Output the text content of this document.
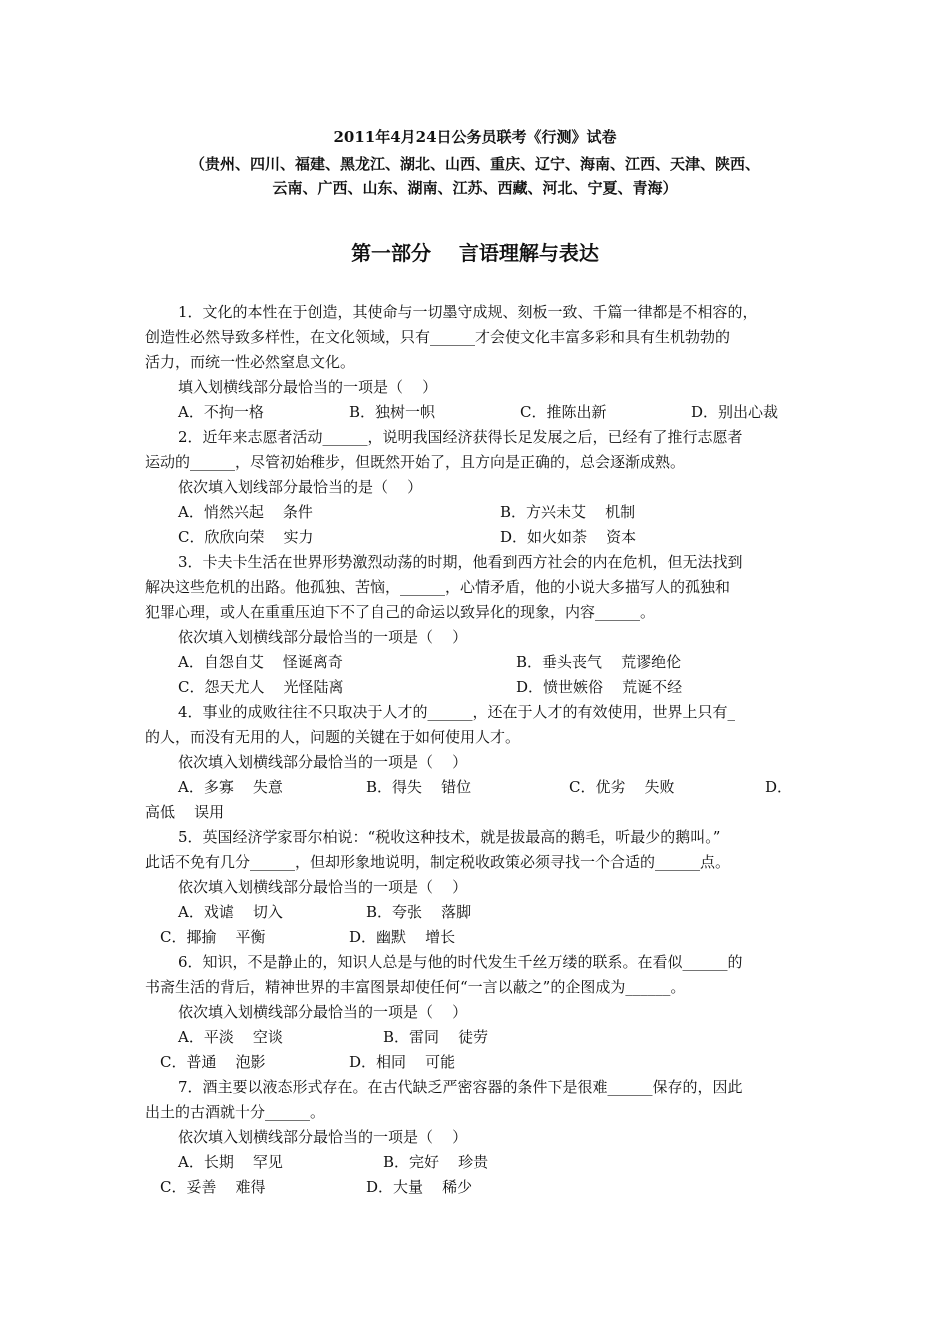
2011年4月24日公务员联考《行测》试卷
（贵州、四川、福建、黑龙江、湖北、山西、重庆、辽宁、海南、江西、天津、陕西、
云南、广西、山东、湖南、江苏、西藏、河北、宁夏、青海）
第一部分    言语理解与表达
1．文化的本性在于创造，其使命与一切墨守成规、刻板一致、千篇一律都是不相容的，
创造性必然导致多样性，在文化领域，只有______才会使文化丰富多彩和具有生机勃勃的
活力，而统一性必然窒息文化。
填入划横线部分最恰当的一项是（    ）
A．不拘一格	B．独树一帜	C．推陈出新	D．别出心裁
2．近年来志愿者活动______，说明我国经济获得长足发展之后，已经有了推行志愿者
运动的______，尽管初始稚步，但既然开始了，且方向是正确的，总会逐渐成熟。
依次填入划线部分最恰当的是（    ）
A．悄然兴起    条件	B．方兴未艾    机制
C．欣欣向荣    实力	D．如火如荼    资本
3．卡夫卡生活在世界形势激烈动荡的时期，他看到西方社会的内在危机，但无法找到
解决这些危机的出路。他孤独、苦恼，______，心情矛盾，他的小说大多描写人的孤独和
犯罪心理，或人在重重压迫下不了自己的命运以致异化的现象，内容______。
依次填入划横线部分最恰当的一项是（    ）
A．自怨自艾    怪诞离奇	B．垂头丧气    荒谬绝伦
C．怨天尤人    光怪陆离	D．愤世嫉俗    荒诞不经
4．事业的成败往往不只取决于人才的______，还在于人才的有效使用，世界上只有_
的人，而没有无用的人，问题的关键在于如何使用人才。
依次填入划横线部分最恰当的一项是（    ）
A．多寡    失意	B．得失    错位	C．优劣    失败	D．
高低    误用
5．英国经济学家哥尔柏说：“税收这种技术，就是拔最高的鹅毛，听最少的鹅叫。”
此话不免有几分______，但却形象地说明，制定税收政策必须寻找一个合适的______点。
依次填入划横线部分最恰当的一项是（    ）
A．戏谑    切入	B．夸张    落脚
C．揶揄    平衡	D．幽默    增长
6．知识，不是静止的，知识人总是与他的时代发生千丝万缕的联系。在看似______的
书斋生活的背后，精神世界的丰富图景却使任何“一言以蔽之”的企图成为______。
依次填入划横线部分最恰当的一项是（    ）
A．平淡    空谈	B．雷同    徒劳
C．普通    泡影	D．相同    可能
7．酒主要以液态形式存在。在古代缺乏严密容器的条件下是很难______保存的，因此
出土的古酒就十分______。
依次填入划横线部分最恰当的一项是（    ）
A．长期    罕见	B．完好    珍贵
C．妥善    难得	D．大量    稀少
